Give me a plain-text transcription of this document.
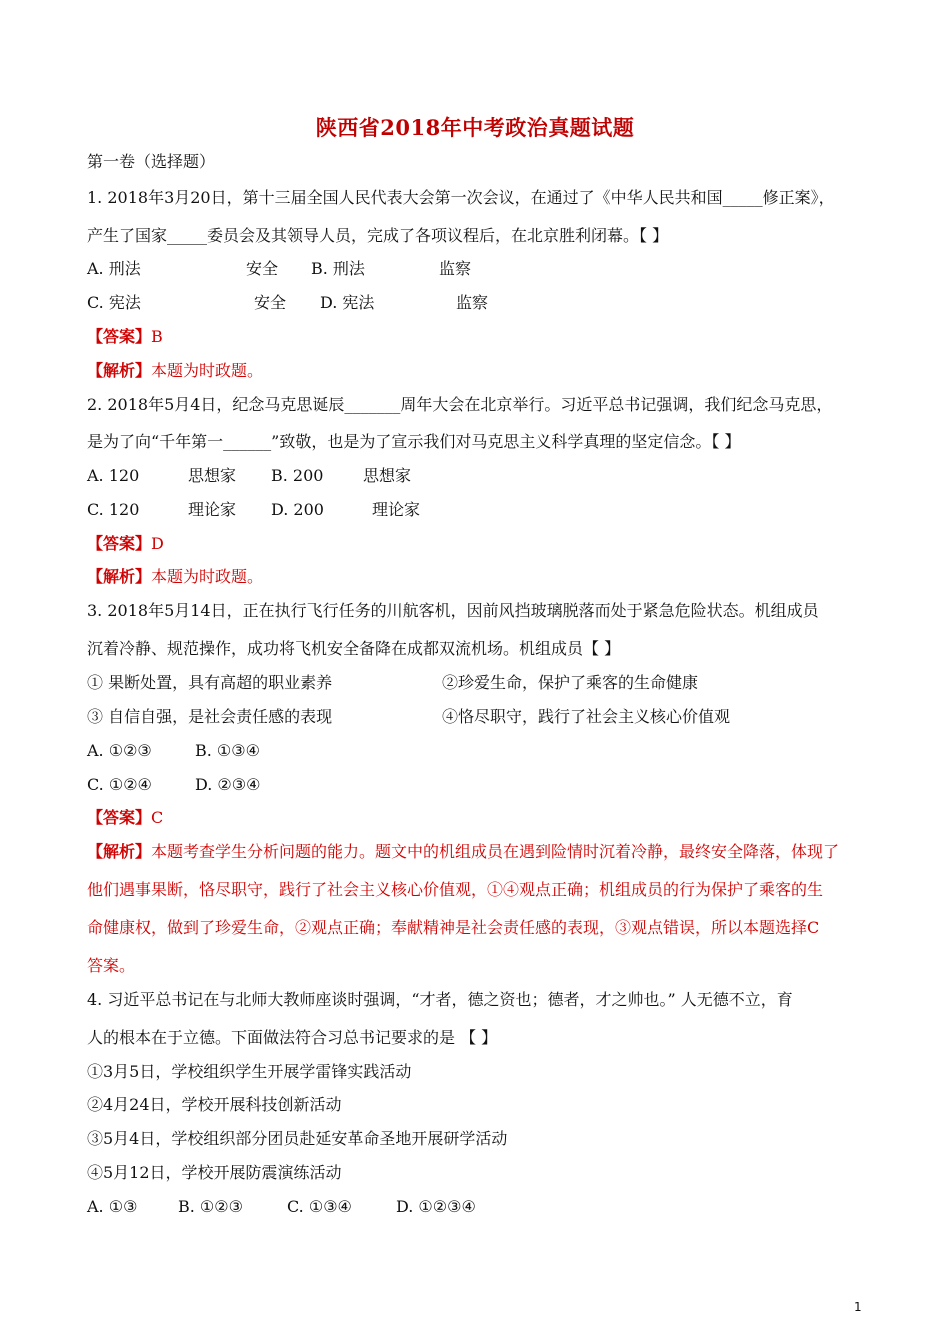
陕西省2018年中考政治真题试题
第一卷（选择题）
1. 2018年3月20日，第十三届全国人民代表大会第一次会议，在通过了《中华人民共和国_____修正案》，
产生了国家_____委员会及其领导人员，完成了各项议程后，在北京胜利闭幕。【 】
A. 刑法	安全 B. 刑法	监察
C. 宪法	安全 D. 宪法	监察
【答案】B
【解析】本题为时政题。
2. 2018年5月4日，纪念马克思诞辰_______周年大会在北京举行。习近平总书记强调，我们纪念马克思，
是为了向“千年第一______”致敬，也是为了宣示我们对马克思主义科学真理的坚定信念。【 】
A. 120	思想家 B. 200 思想家
C. 120	理论家 D. 200	理论家
【答案】D
【解析】本题为时政题。
3. 2018年5月14日，正在执行飞行任务的川航客机，因前风挡玻璃脱落而处于紧急危险状态。机组成员
沉着冷静、规范操作，成功将飞机安全备降在成都双流机场。机组成员【 】
① 果断处置，具有高超的职业素养	②珍爱生命，保护了乘客的生命健康
③ 自信自强，是社会责任感的表现	④恪尽职守，践行了社会主义核心价值观
A. ①②③	B. ①③④
C. ①②④	D. ②③④
【答案】C
【解析】本题考查学生分析问题的能力。题文中的机组成员在遇到险情时沉着冷静，最终安全降落，体现了
他们遇事果断，恪尽职守，践行了社会主义核心价值观，①④观点正确；机组成员的行为保护了乘客的生
命健康权，做到了珍爱生命，②观点正确；奉献精神是社会责任感的表现，③观点错误，所以本题选择C
答案。
4. 习近平总书记在与北师大教师座谈时强调，“才者，德之资也；德者，才之帅也。” 人无德不立，育
人的根本在于立德。下面做法符合习总书记要求的是 【 】
①3月5日，学校组织学生开展学雷锋实践活动
②4月24日，学校开展科技创新活动
③5月4日，学校组织部分团员赴延安革命圣地开展研学活动
④5月12日，学校开展防震演练活动
A. ①③	B. ①②③	C. ①③④	D. ①②③④
1
